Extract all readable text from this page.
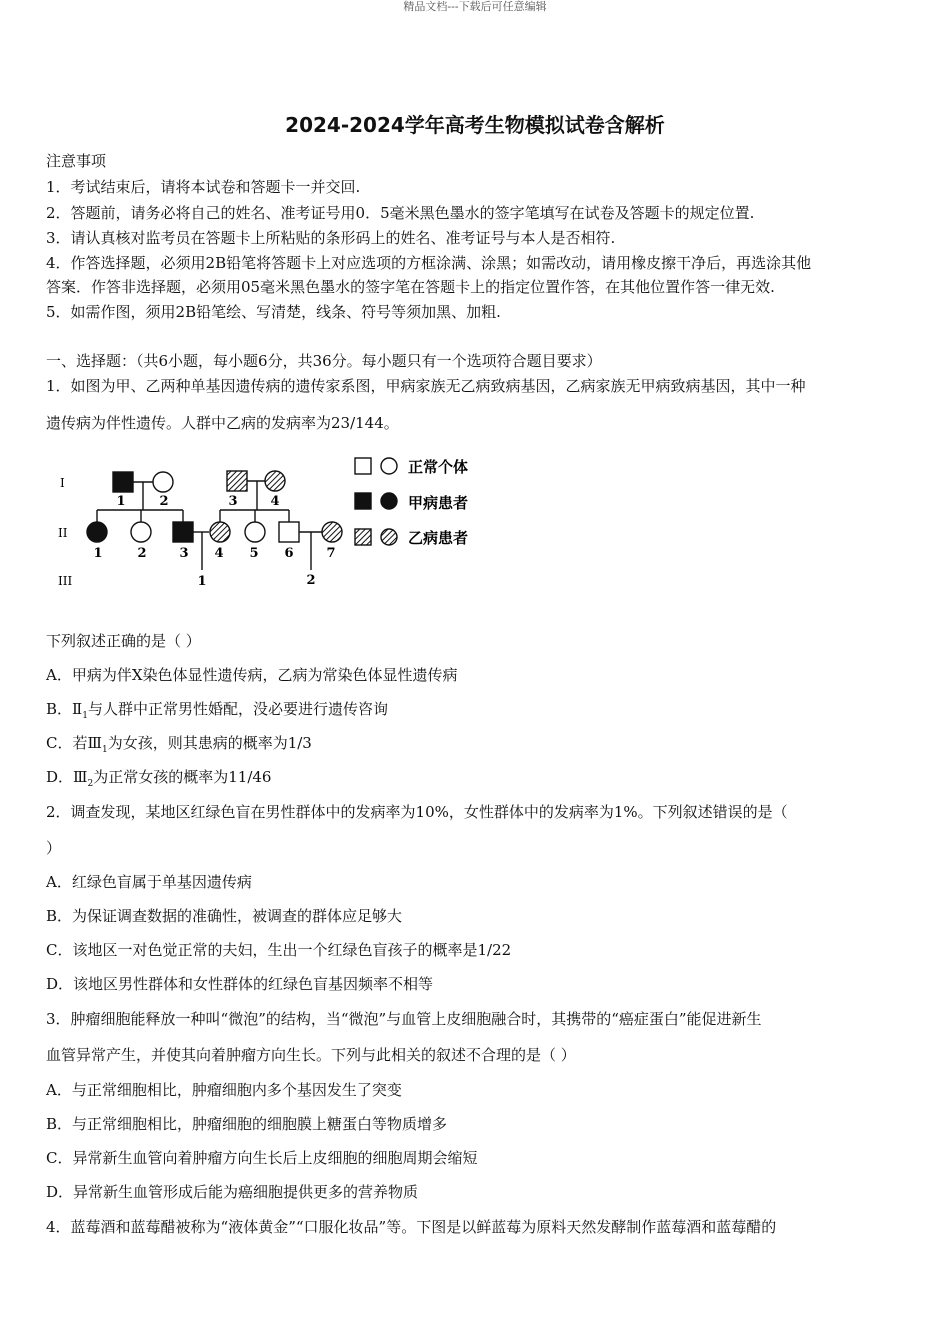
精品文档---下载后可任意编辑
2024-2024学年高考生物模拟试卷含解析
注意事项
1．考试结束后，请将本试卷和答题卡一并交回.
2．答题前，请务必将自己的姓名、准考证号用0．5毫米黑色墨水的签字笔填写在试卷及答题卡的规定位置.
3．请认真核对监考员在答题卡上所粘贴的条形码上的姓名、准考证号与本人是否相符.
4．作答选择题，必须用2B铅笔将答题卡上对应选项的方框涂满、涂黑；如需改动，请用橡皮擦干净后，再选涂其他
答案．作答非选择题，必须用05毫米黑色墨水的签字笔在答题卡上的指定位置作答，在其他位置作答一律无效.
5．如需作图，须用2B铅笔绘、写清楚，线条、符号等须加黑、加粗.
一、选择题：（共6小题，每小题6分，共36分。每小题只有一个选项符合题目要求）
1．如图为甲、乙两种单基因遗传病的遗传家系图，甲病家族无乙病致病基因，乙病家族无甲病致病基因，其中一种
遗传病为伴性遗传。人群中乙病的发病率为23/144。
I
II
III
1	2	3	4
1	2	3 4 5 6	7
1	2
正常个体
甲病患者
乙病患者
下列叙述正确的是（ ）
A．甲病为伴X染色体显性遗传病，乙病为常染色体显性遗传病
B．$Ⅱ_1$与人群中正常男性婚配，没必要进行遗传咨询
C．若$Ⅲ_1$为女孩，则其患病的概率为1/3
D．$Ⅲ_2$为正常女孩的概率为11/46
2．调查发现，某地区红绿色盲在男性群体中的发病率为10%，女性群体中的发病率为1%。下列叙述错误的是（
）
A．红绿色盲属于单基因遗传病
B．为保证调查数据的准确性，被调查的群体应足够大
C．该地区一对色觉正常的夫妇，生出一个红绿色盲孩子的概率是1/22
D．该地区男性群体和女性群体的红绿色盲基因频率不相等
3．肿瘤细胞能释放一种叫“微泡”的结构，当“微泡”与血管上皮细胞融合时，其携带的“癌症蛋白”能促进新生
血管异常产生，并使其向着肿瘤方向生长。下列与此相关的叙述不合理的是（ ）
A．与正常细胞相比，肿瘤细胞内多个基因发生了突变
B．与正常细胞相比，肿瘤细胞的细胞膜上糖蛋白等物质增多
C．异常新生血管向着肿瘤方向生长后上皮细胞的细胞周期会缩短
D．异常新生血管形成后能为癌细胞提供更多的营养物质
4．蓝莓酒和蓝莓醋被称为“液体黄金”“口服化妆品”等。下图是以鲜蓝莓为原料天然发酵制作蓝莓酒和蓝莓醋的
